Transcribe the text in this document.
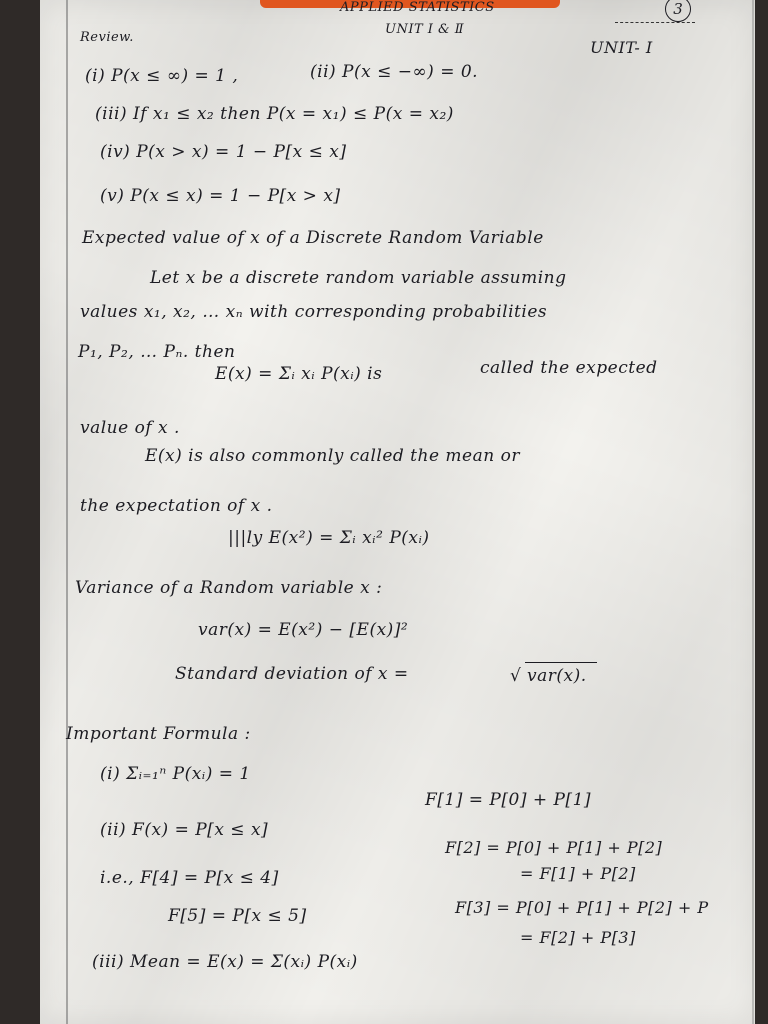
APPLIED STATISTICS
UNIT Ⅰ & Ⅱ
Review.
3
UNIT- I
(i) P(x ≤ ∞) = 1 ,	(ii) P(x ≤ −∞) = 0.
(iii) If x₁ ≤ x₂ then P(x = x₁) ≤ P(x = x₂)
(iv) P(x > x) = 1 − P[x ≤ x]
(v) P(x ≤ x) = 1 − P[x > x]
Expected value of x of a Discrete Random Variable
Let x be a discrete random variable assuming
values x₁, x₂, … xₙ with corresponding probabilities
P₁, P₂, … Pₙ. then
E(x) = Σᵢ xᵢ P(xᵢ) is	called the expected
value of x .
E(x) is also commonly called the mean or
the expectation of x .
|||ly E(x²) = Σᵢ xᵢ² P(xᵢ)
Variance of a Random variable x :
var(x) = E(x²) − [E(x)]²
Standard deviation of x =	√ var(x).
Important Formula :
(i) Σᵢ₌₁ⁿ P(xᵢ) = 1
(ii) F(x) = P[x ≤ x]
i.e., F[4] = P[x ≤ 4]
F[5] = P[x ≤ 5]
(iii) Mean = E(x) = Σ(xᵢ) P(xᵢ)
F[1] = P[0] + P[1]
F[2] = P[0] + P[1] + P[2]
= F[1] + P[2]
F[3] = P[0] + P[1] + P[2] + P
= F[2] + P[3]
